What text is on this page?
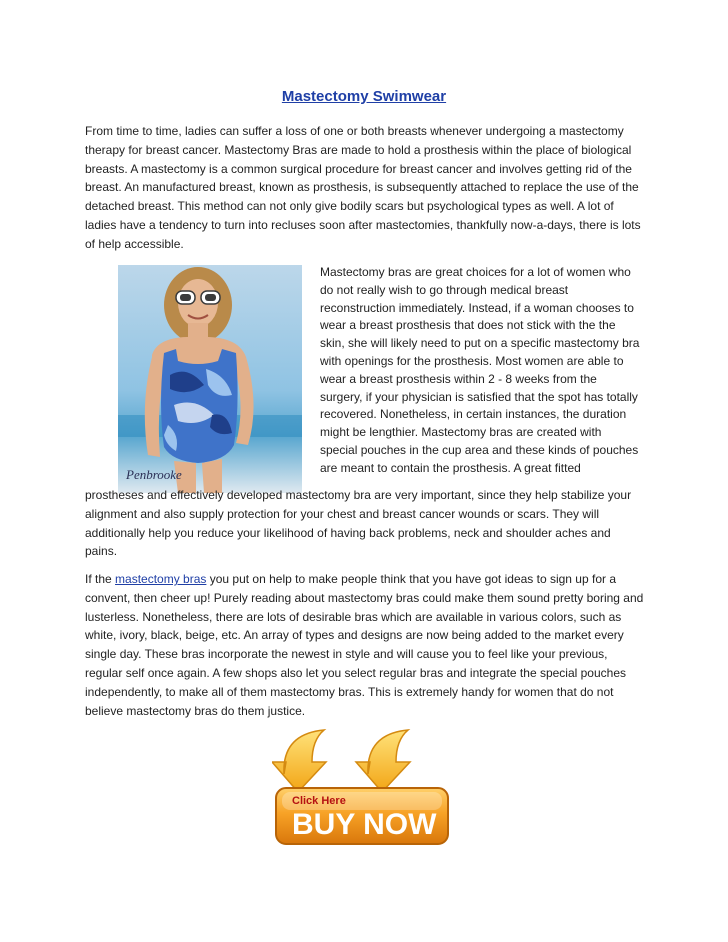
Mastectomy Swimwear

From time to time, ladies can suffer a loss of one or both breasts whenever undergoing a mastectomy therapy for breast cancer. Mastectomy Bras are made to hold a prosthesis within the place of biological breasts. A mastectomy is a common surgical procedure for breast cancer and involves getting rid of the breast. An manufactured breast, known as prosthesis, is subsequently attached to replace the use of the detached breast. This method can not only give bodily scars but psychological types as well. A lot of ladies have a tendency to turn into recluses soon after mastectomies, thankfully now-a-days, there is lots of help accessible.

Penbrooke

Mastectomy bras are great choices for a lot of women who do not really wish to go through medical breast reconstruction immediately. Instead, if a woman chooses to wear a breast prosthesis that does not stick with the the skin, she will likely need to put on a specific mastectomy bra with openings for the prosthesis. Most women are able to wear a breast prosthesis within 2 - 8 weeks from the surgery, if your physician is satisfied that the spot has totally recovered. Nonetheless, in certain instances, the duration might be lengthier. Mastectomy bras are created with special pouches in the cup area and these kinds of pouches are meant to contain the prosthesis. A great fitted

prostheses and effectively developed mastectomy bra are very important, since they help stabilize your alignment and also supply protection for your chest and breast cancer wounds or scars. They will additionally help you reduce your likelihood of having back problems, neck and shoulder aches and pains.

If the mastectomy bras you put on help to make people think that you have got ideas to sign up for a convent, then cheer up! Purely reading about mastectomy bras could make them sound pretty boring and lusterless. Nonetheless, there are lots of desirable bras which are available in various colors, such as white, ivory, black, beige, etc. An array of types and designs are now being added to the market every single day. These bras incorporate the newest in style and will cause you to feel like your previous, regular self once again. A few shops also let you select regular bras and integrate the special pouches independently, to make all of them mastectomy bras. This is extremely handy for women that do not believe mastectomy bras do them justice.

Click Here
BUY NOW
